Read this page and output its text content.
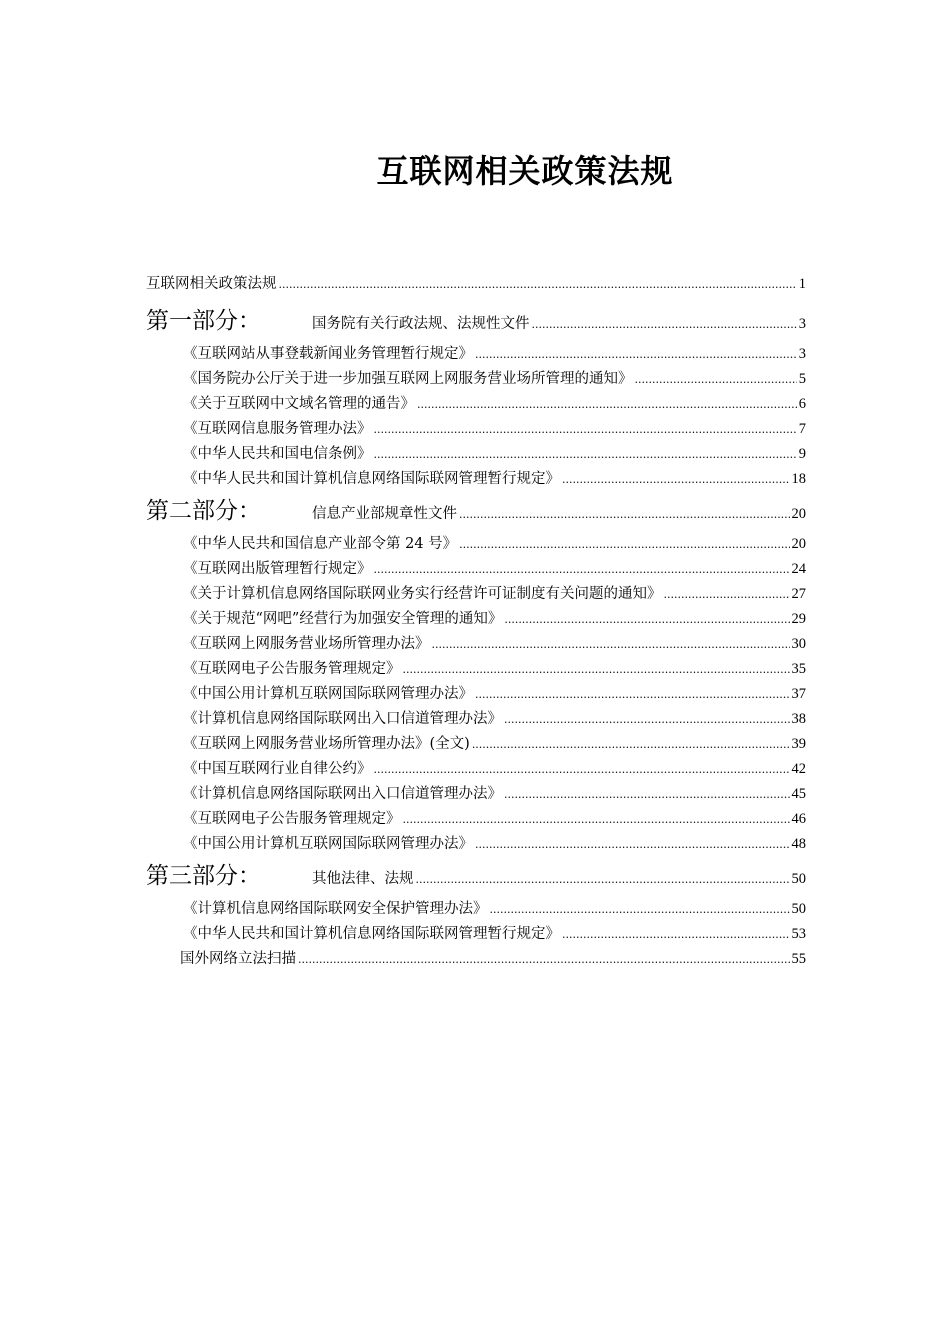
互联网相关政策法规
互联网相关政策法规 .....	1
第一部分：	国务院有关行政法规、法规性文件 .....	3
《互联网站从事登载新闻业务管理暂行规定》 .....	3
《国务院办公厅关于进一步加强互联网上网服务营业场所管理的通知》 .....	5
《关于互联网中文域名管理的通告》 .....	6
《互联网信息服务管理办法》 .....	7
《中华人民共和国电信条例》 .....	9
《中华人民共和国计算机信息网络国际联网管理暂行规定》 .....	18
第二部分：	信息产业部规章性文件 .....	20
《中华人民共和国信息产业部令第 24 号》 .....	20
《互联网出版管理暂行规定》 .....	24
《关于计算机信息网络国际联网业务实行经营许可证制度有关问题的通知》 .....	27
《关于规范“网吧”经营行为加强安全管理的通知》 .....	29
《互联网上网服务营业场所管理办法》 .....	30
《互联网电子公告服务管理规定》 .....	35
《中国公用计算机互联网国际联网管理办法》 .....	37
《计算机信息网络国际联网出入口信道管理办法》 .....	38
《互联网上网服务营业场所管理办法》(全文) .....	39
《中国互联网行业自律公约》 .....	42
《计算机信息网络国际联网出入口信道管理办法》 .....	45
《互联网电子公告服务管理规定》 .....	46
《中国公用计算机互联网国际联网管理办法》 .....	48
第三部分：	其他法律、法规 .....	50
《计算机信息网络国际联网安全保护管理办法》 .....	50
《中华人民共和国计算机信息网络国际联网管理暂行规定》 .....	53
国外网络立法扫描 .....	55
